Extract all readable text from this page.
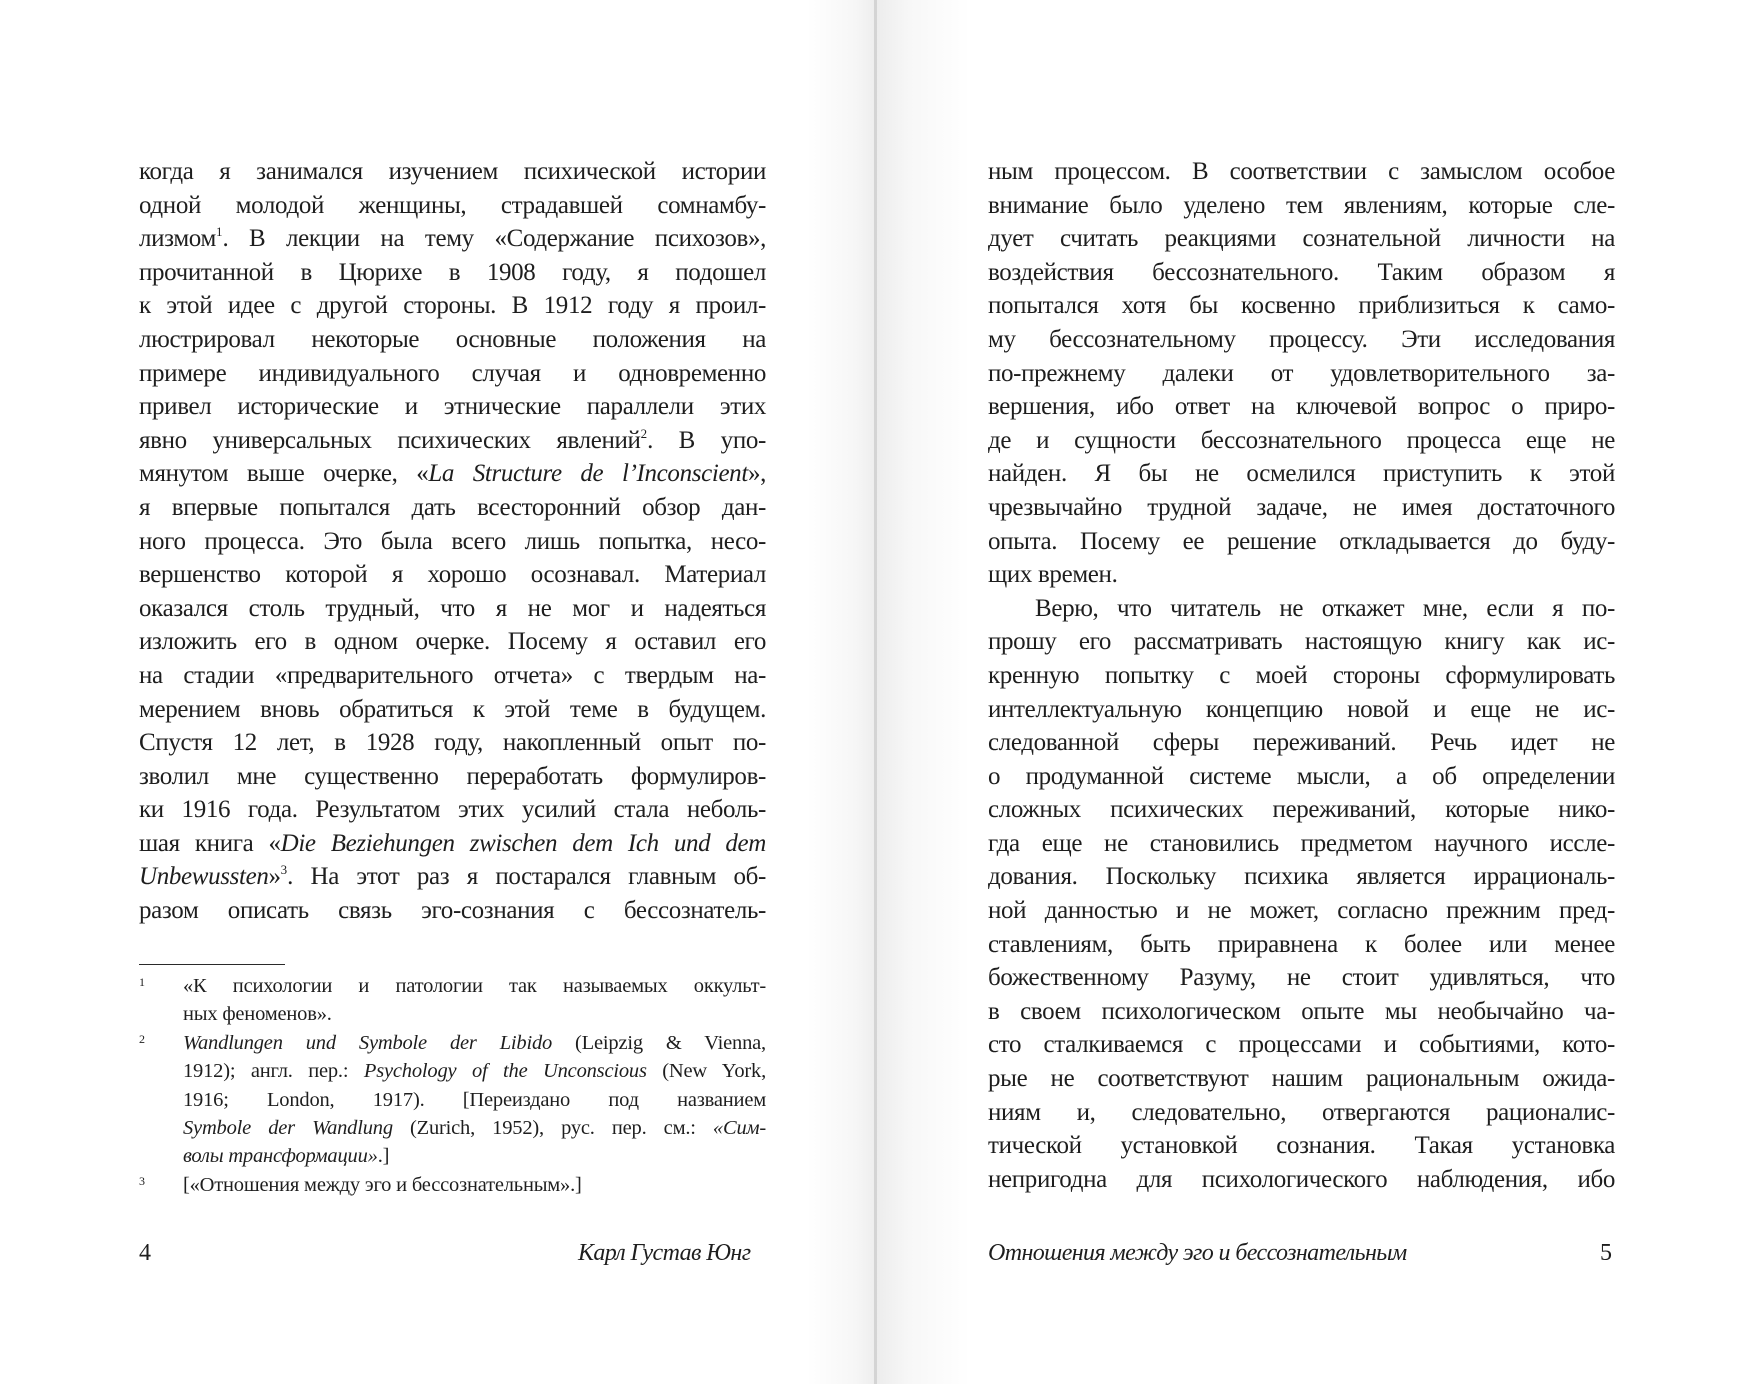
когда я занимался изучением психической истории
одной молодой женщины, страдавшей сомнамбу-
лизмом$^1$. В лекции на тему «Содержание психозов»,
прочитанной в Цюрихе в 1908 году, я подошел
к этой идее с другой стороны. В 1912 году я проил-
люстрировал некоторые основные положения на
примере индивидуального случая и одновременно
привел исторические и этнические параллели этих
явно универсальных психических явлений$^2$. В упо-
мянутом выше очерке, «La Structure de l’Inconscient»,
я впервые попытался дать всесторонний обзор дан-
ного процесса. Это была всего лишь попытка, несо-
вершенство которой я хорошо осознавал. Материал
оказался столь трудный, что я не мог и надеяться
изложить его в одном очерке. Посему я оставил его
на стадии «предварительного отчета» с твердым на-
мерением вновь обратиться к этой теме в будущем.
Спустя 12 лет, в 1928 году, накопленный опыт по-
зволил мне существенно переработать формулиров-
ки 1916 года. Результатом этих усилий стала неболь-
шая книга «Die Beziehungen zwischen dem Ich und dem
Unbewussten»$^3$. На этот раз я постарался главным об-
разом описать связь эго-сознания с бессознатель-
1 «К психологии и патологии так называемых оккульт-
ных феноменов».
2 Wandlungen und Symbole der Libido (Leipzig & Vienna,
1912); англ. пер.: Psychology of the Unconscious (New York,
1916; London, 1917). [Переиздано под названием
Symbole der Wandlung (Zurich, 1952), рус. пер. см.: «Сим-
волы трансформации».]
3 [«Отношения между эго и бессознательным».]
4	Карл Густав Юнг
ным процессом. В соответствии с замыслом особое
внимание было уделено тем явлениям, которые сле-
дует считать реакциями сознательной личности на
воздействия бессознательного. Таким образом я
попытался хотя бы косвенно приблизиться к само-
му бессознательному процессу. Эти исследования
по-прежнему далеки от удовлетворительного за-
вершения, ибо ответ на ключевой вопрос о приро-
де и сущности бессознательного процесса еще не
найден. Я бы не осмелился приступить к этой
чрезвычайно трудной задаче, не имея достаточного
опыта. Посему ее решение откладывается до буду-
щих времен.
Верю, что читатель не откажет мне, если я по-
прошу его рассматривать настоящую книгу как ис-
кренную попытку с моей стороны сформулировать
интеллектуальную концепцию новой и еще не ис-
следованной сферы переживаний. Речь идет не
о продуманной системе мысли, а об определении
сложных психических переживаний, которые нико-
гда еще не становились предметом научного иссле-
дования. Поскольку психика является иррациональ-
ной данностью и не может, согласно прежним пред-
ставлениям, быть приравнена к более или менее
божественному Разуму, не стоит удивляться, что
в своем психологическом опыте мы необычайно ча-
сто сталкиваемся с процессами и событиями, кото-
рые не соответствуют нашим рациональным ожида-
ниям и, следовательно, отвергаются рационалис-
тической установкой сознания. Такая установка
непригодна для психологического наблюдения, ибо
Отношения между эго и бессознательным	5
